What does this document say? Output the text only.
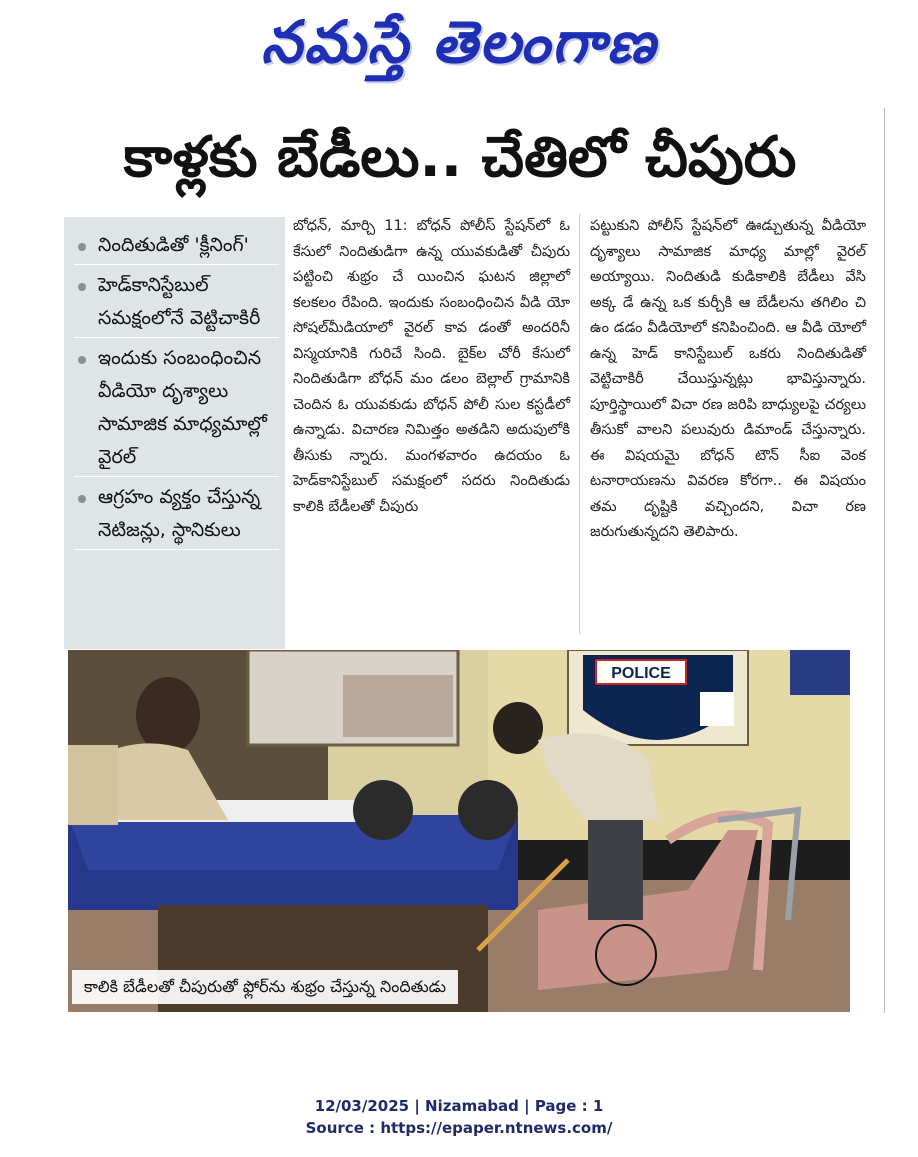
నమస్తే తెలంగాణ
కాళ్లకు బేడీలు.. చేతిలో చీపురు
నిందితుడితో 'క్లీనింగ్'
హెడ్‌కానిస్టేబుల్ సమక్షంలోనే వెట్టిచాకిరీ
ఇందుకు సంబంధించిన వీడియో దృశ్యాలు సామాజిక మాధ్యమాల్లో వైరల్
ఆగ్రహం వ్యక్తం చేస్తున్న నెటిజన్లు, స్థానికులు
బోధన్, మార్చి 11: బోధన్ పోలీస్ స్టేషన్‌లో ఓ కేసులో నిందితుడిగా ఉన్న యువకుడితో చీపురు పట్టించి శుభ్రం చే యించిన ఘటన జిల్లాలో కలకలం రేపింది. ఇందుకు సంబంధించిన వీడి యో సోషల్‌మీడియాలో వైరల్ కావ డంతో అందరినీ విస్మయానికి గురిచే సింది. బైక్‌ల చోరీ కేసులో నిందితుడిగా బోధన్ మం డలం బెల్లాల్ గ్రామానికి చెందిన ఓ యువకుడు బోధన్ పోలీ సుల కస్టడీలో ఉన్నాడు. విచారణ నిమిత్తం అతడిని అదుపులోకి తీసుకు న్నారు. మంగళవారం ఉదయం ఓ హెడ్‌కానిస్టేబుల్ సమక్షంలో సదరు నిందితుడు కాలికి బేడీలతో చీపురు
పట్టుకుని పోలీస్ స్టేషన్‌లో ఊడ్చుతున్న వీడియో దృశ్యాలు సామాజిక మాధ్య మాల్లో వైరల్ అయ్యాయి. నిందితుడి కుడికాలికి బేడీలు వేసి అక్క డే ఉన్న ఒక కుర్చీకి ఆ బేడీలను తగిలిం చి ఉం డడం వీడియోలో కనిపించింది. ఆ వీడి యోలో ఉన్న హెడ్ కానిస్టేబుల్ ఒకరు నిందితుడితో వెట్టిచాకిరీ చేయిస్తున్నట్లు భావిస్తున్నారు. పూర్తిస్థాయిలో విచా రణ జరిపి బాధ్యులపై చర్యలు తీసుకో వాలని పలువురు డిమాండ్ చేస్తున్నారు. ఈ విషయమై బోధన్ టౌన్ సీఐ వెంక టనారాయణను వివరణ కోరగా.. ఈ విషయం తమ దృష్టికి వచ్చిందని, విచా రణ జరుగుతున్నదని తెలిపారు.
POLICE
కాలికి బేడీలతో చీపురుతో ఫ్లోర్‌ను శుభ్రం చేస్తున్న నిందితుడు
12/03/2025 | Nizamabad | Page : 1
Source : https://epaper.ntnews.com/
